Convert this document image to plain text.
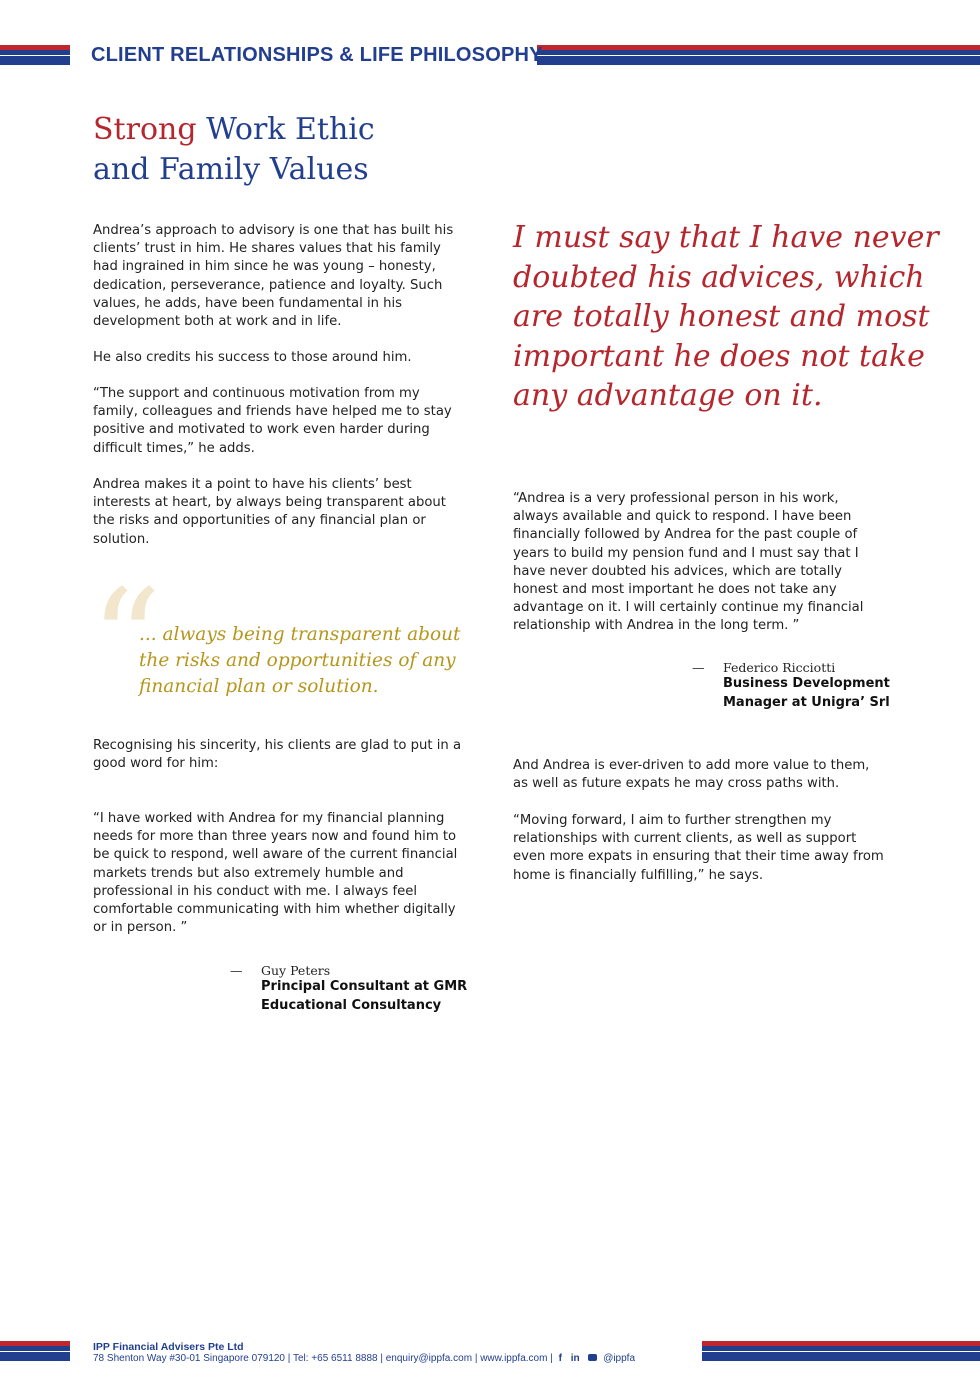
CLIENT RELATIONSHIPS & LIFE PHILOSOPHY
Strong Work Ethic
and Family Values

Andrea’s approach to advisory is one that has built his clients’ trust in him. He shares values that his family had ingrained in him since he was young – honesty, dedication, perseverance, patience and loyalty. Such values, he adds, have been fundamental in his development both at work and in life.

He also credits his success to those around him.

“The support and continuous motivation from my family, colleagues and friends have helped me to stay positive and motivated to work even harder during difficult times,” he adds.

Andrea makes it a point to have his clients’ best interests at heart, by always being transparent about the risks and opportunities of any financial plan or solution.

“

... always being transparent about the risks and opportunities of any financial plan or solution.

Recognising his sincerity, his clients are glad to put in a good word for him:

“I have worked with Andrea for my financial planning needs for more than three years now and found him to be quick to respond, well aware of the current financial markets trends but also extremely humble and professional in his conduct with me. I always feel comfortable communicating with him whether digitally or in person. ”

— Guy Peters
Principal Consultant at GMR Educational Consultancy

I must say that I have never doubted his advices, which are totally honest and most important he does not take any advantage on it.

“Andrea is a very professional person in his work, always available and quick to respond. I have been financially followed by Andrea for the past couple of years to build my pension fund and I must say that I have never doubted his advices, which are totally honest and most important he does not take any advantage on it. I will certainly continue my financial relationship with Andrea in the long term. ”

— Federico Ricciotti
Business Development Manager at Unigra’ Srl

And Andrea is ever-driven to add more value to them, as well as future expats he may cross paths with.

“Moving forward, I aim to further strengthen my relationships with current clients, as well as support even more expats in ensuring that their time away from home is financially fulfilling,” he says.

IPP Financial Advisers Pte Ltd
78 Shenton Way #30-01 Singapore 079120 | Tel: +65 6511 8888 | enquiry@ippfa.com | www.ippfa.com | f in @ippfa
